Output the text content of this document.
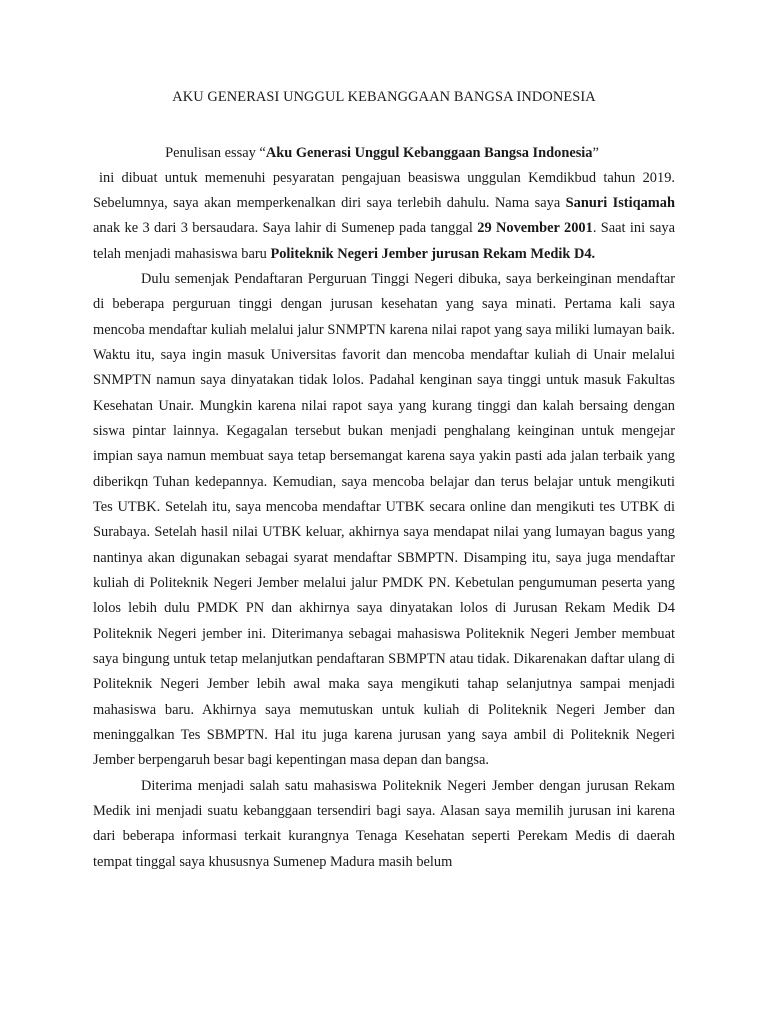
AKU GENERASI UNGGUL KEBANGGAAN BANGSA INDONESIA
Penulisan essay “Aku Generasi Unggul Kebanggaan Bangsa Indonesia”

ini dibuat untuk memenuhi pesyaratan pengajuan beasiswa unggulan Kemdikbud tahun 2019. Sebelumnya, saya akan memperkenalkan diri saya terlebih dahulu. Nama saya Sanuri Istiqamah anak ke 3 dari 3 bersaudara. Saya lahir di Sumenep pada tanggal 29 November 2001. Saat ini saya telah menjadi mahasiswa baru Politeknik Negeri Jember jurusan Rekam Medik D4.

Dulu semenjak Pendaftaran Perguruan Tinggi Negeri dibuka, saya berkeinginan mendaftar di beberapa perguruan tinggi dengan jurusan kesehatan yang saya minati. Pertama kali saya mencoba mendaftar kuliah melalui jalur SNMPTN karena nilai rapot yang saya miliki lumayan baik. Waktu itu, saya ingin masuk Universitas favorit dan mencoba mendaftar kuliah di Unair melalui SNMPTN namun saya dinyatakan tidak lolos. Padahal kenginan saya tinggi untuk masuk Fakultas Kesehatan Unair. Mungkin karena nilai rapot saya yang kurang tinggi dan kalah bersaing dengan siswa pintar lainnya. Kegagalan tersebut bukan menjadi penghalang keinginan untuk mengejar impian saya namun membuat saya tetap bersemangat karena saya yakin pasti ada jalan terbaik yang diberikqn Tuhan kedepannya. Kemudian, saya mencoba belajar dan terus belajar untuk mengikuti Tes UTBK. Setelah itu, saya mencoba mendaftar UTBK secara online dan mengikuti tes UTBK di Surabaya. Setelah hasil nilai UTBK keluar, akhirnya saya mendapat nilai yang lumayan bagus yang nantinya akan digunakan sebagai syarat mendaftar SBMPTN. Disamping itu, saya juga mendaftar kuliah di Politeknik Negeri Jember melalui jalur PMDK PN. Kebetulan pengumuman peserta yang lolos lebih dulu PMDK PN dan akhirnya saya dinyatakan lolos di Jurusan Rekam Medik D4 Politeknik Negeri jember ini. Diterimanya sebagai mahasiswa Politeknik Negeri Jember membuat saya bingung untuk tetap melanjutkan pendaftaran SBMPTN atau tidak. Dikarenakan daftar ulang di Politeknik Negeri Jember lebih awal maka saya mengikuti tahap selanjutnya sampai menjadi mahasiswa baru. Akhirnya saya memutuskan untuk kuliah di Politeknik Negeri Jember dan meninggalkan Tes SBMPTN. Hal itu juga karena jurusan yang saya ambil di Politeknik Negeri Jember berpengaruh besar bagi kepentingan masa depan dan bangsa.

Diterima menjadi salah satu mahasiswa Politeknik Negeri Jember dengan jurusan Rekam Medik ini menjadi suatu kebanggaan tersendiri bagi saya. Alasan saya memilih jurusan ini karena dari beberapa informasi terkait kurangnya Tenaga Kesehatan seperti Perekam Medis di daerah tempat tinggal saya khususnya Sumenep Madura masih belum
